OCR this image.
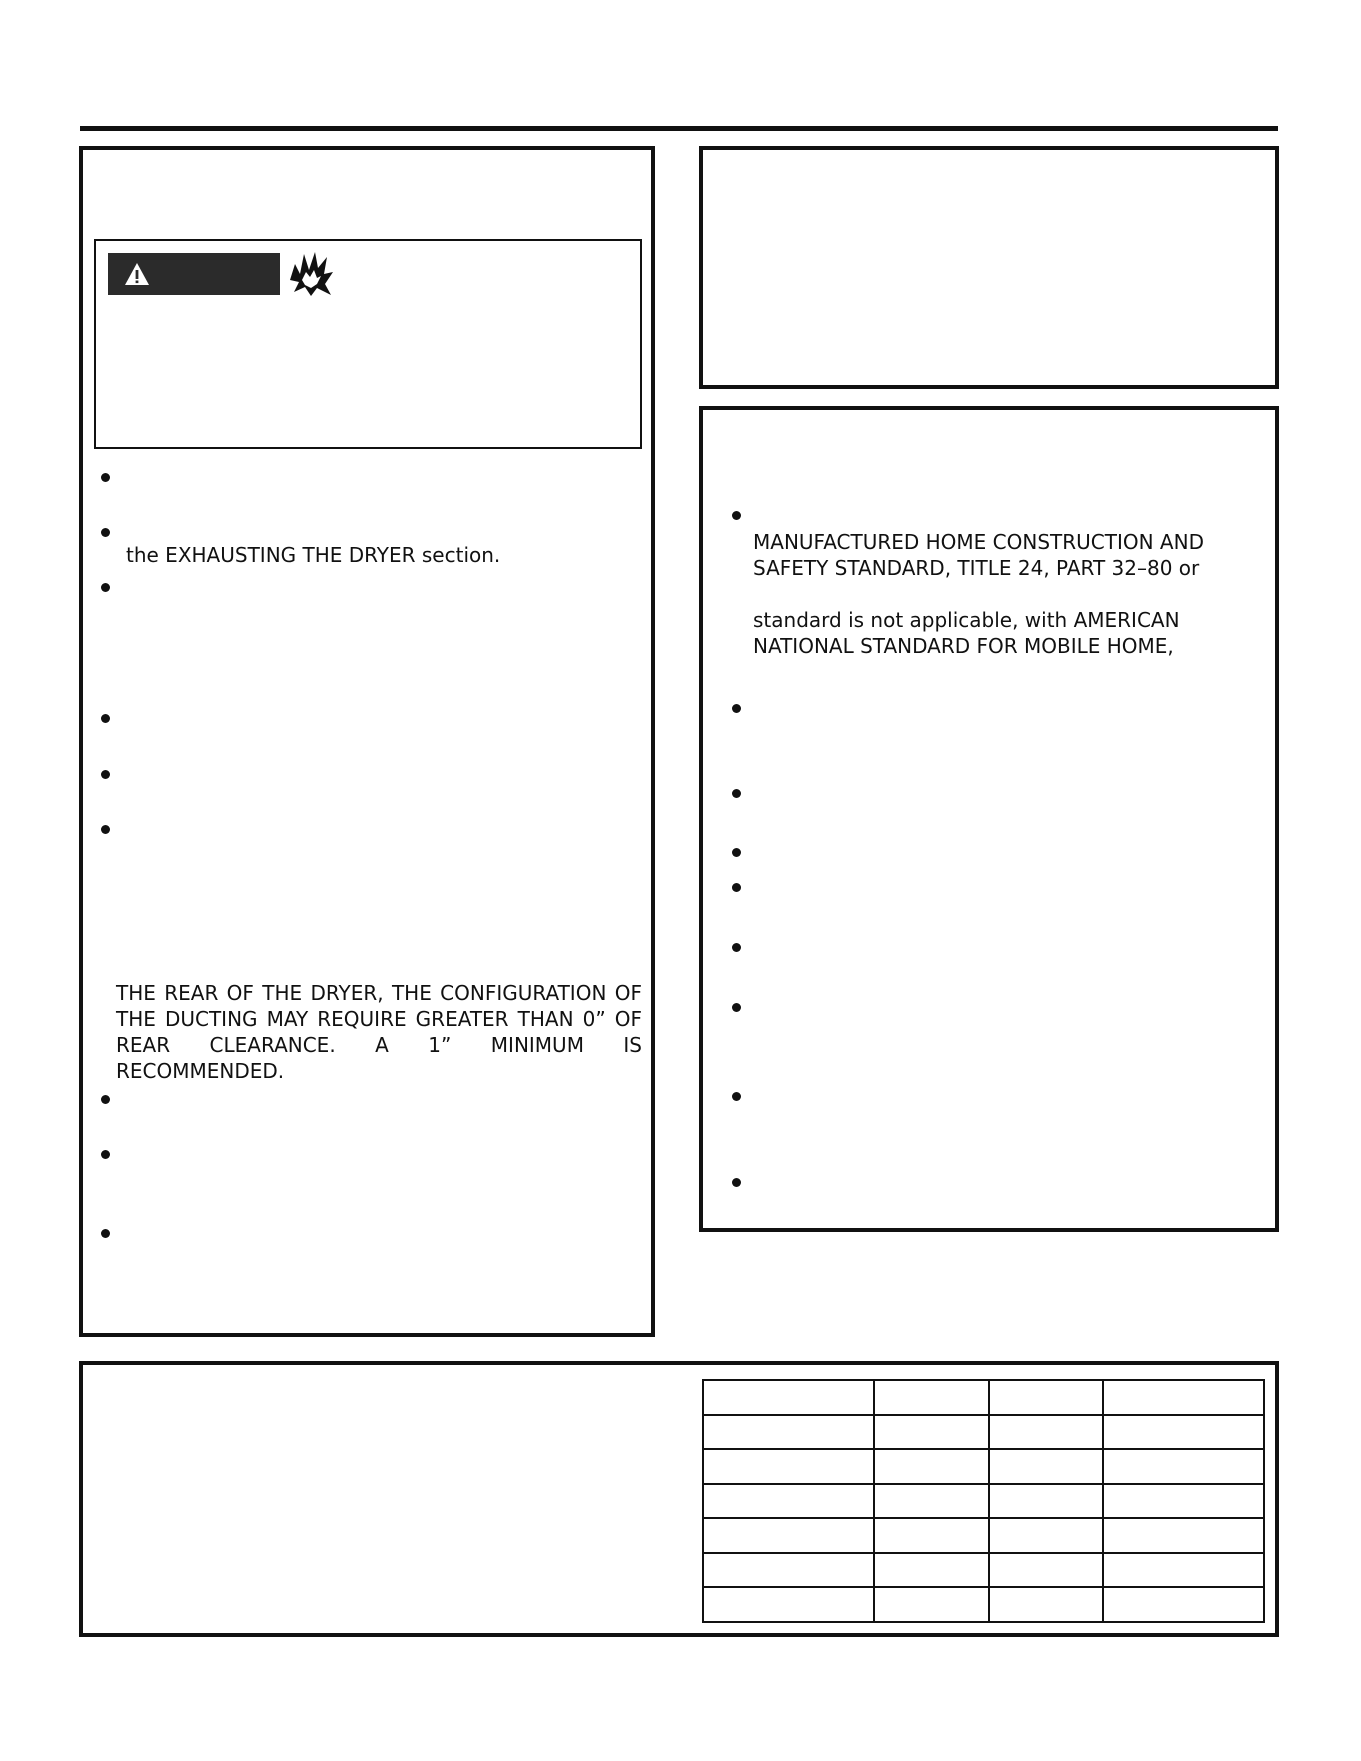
the EXHAUSTING THE DRYER section.
THE REAR OF THE DRYER, THE CONFIGURATION OF
THE DUCTING MAY REQUIRE GREATER THAN 0” OF
REAR CLEARANCE. A 1” MINIMUM IS RECOMMENDED.
MANUFACTURED HOME CONSTRUCTION AND
SAFETY STANDARD, TITLE 24, PART 32–80 or
standard is not applicable, with AMERICAN
NATIONAL STANDARD FOR MOBILE HOME,
